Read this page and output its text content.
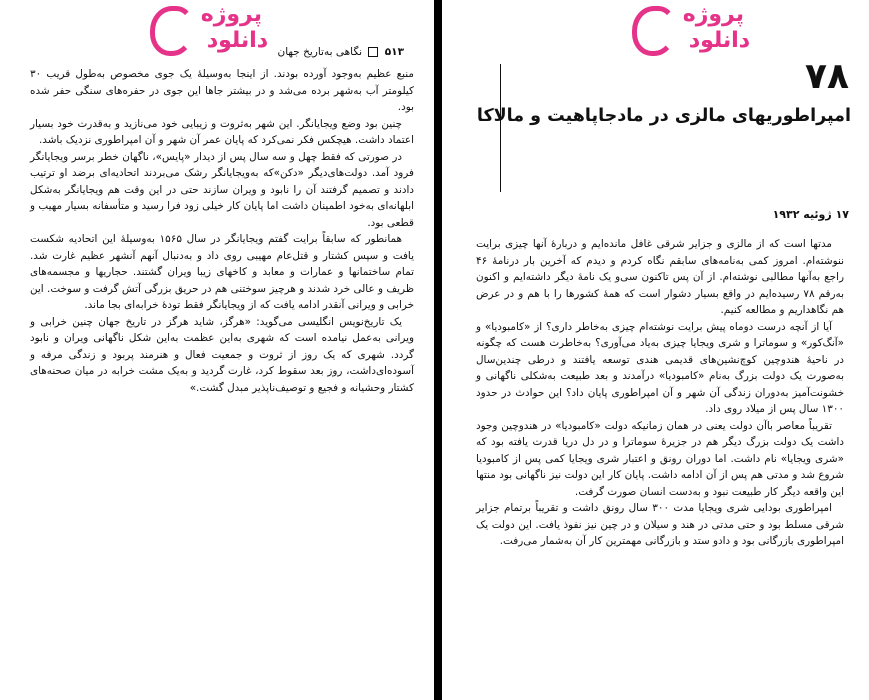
پروژه
دانلود	۵۱۳  نگاهی به‌تاریخ جهان

منبع عظیم به‌وجود آورده بودند. از اینجا به‌وسیلهٔ یک جوی مخصوص به‌طول قریب ۳۰ کیلومتر آب به‌شهر برده می‌شد و در بیشتر جاها این جوی در حفره‌های سنگی حفر شده بود.

چنین بود وضع ویجایانگر. این شهر به‌ثروت و زیبایی خود می‌نازید و به‌قدرت خود بسیار اعتماد داشت. هیچکس فکر نمی‌کرد که پایان عمر آن شهر و آن امپراطوری نزدیک باشد.

در صورتی که فقط چهل و سه سال پس از دیدار «پایس»، ناگهان خطر برسر ویجایانگر فرود آمد. دولت‌های‌دیگر «دکن»که به‌ویجایانگر رشک می‌بردند اتحادیه‌ای برضد او ترتیب دادند و تصمیم گرفتند آن را نابود و ویران سازند حتی در این وقت هم ویجایانگر به‌شکل ابلهانه‌ای به‌خود اطمینان داشت اما پایان کار خیلی زود فرا رسید و متأسفانه بسیار مهیب و قطعی بود.

همانطور که سابقاً برایت گفتم ویجایانگر در سال ۱۵۶۵ به‌وسیلهٔ این اتحادیه شکست یافت و سپس کشتار و قتل‌عام مهیبی روی داد و به‌دنبال آنهم آنشهر عظیم غارت شد. تمام ساختمانها و عمارات و معابد و کاخهای زیبا ویران گشتند. حجاریها و مجسمه‌های ظریف و عالی خرد شدند و هرچیز سوختنی هم در حریق بزرگی آتش گرفت و سوخت. این خرابی و ویرانی آنقدر ادامه یافت که از ویجایانگر فقط تودهٔ خرابه‌ای بجا ماند.

یک تاریخ‌نویس انگلیسی می‌گوید: «هرگز، شاید هرگز در تاریخ جهان چنین خرابی و ویرانی به‌عمل نیامده است که شهری به‌این عظمت به‌این شکل ناگهانی ویران و نابود گردد. شهری که یک روز از ثروت و جمعیت فعال و هنرمند پربود و زندگی مرفه و آسوده‌ای‌داشت، روز بعد سقوط کرد، غارت گردید و به‌یک مشت خرابه در میان صحنه‌های کشتار وحشیانه و فجیع و توصیف‌ناپذیر مبدل گشت.»

پروژه
دانلود
۷۸
امپراطوریهای مالزی در مادجاپاهیت و مالاکا
۱۷ ژوئیه ۱۹۳۲

مدتها است که از مالزی و جزایر شرقی غافل مانده‌ایم و دربارهٔ آنها چیزی برایت ننوشته‌ام. امروز کمی به‌نامه‌های سابقم نگاه کردم و دیدم که آخرین بار درنامهٔ ۴۶ راجع به‌آنها مطالبی نوشته‌ام. از آن پس تاکنون سی‌و یک نامهٔ دیگر داشته‌ایم و اکنون به‌رقم ۷۸ رسیده‌ایم در واقع بسیار دشوار است که همهٔ کشورها را با هم و در عرض هم نگاهداریم و مطالعه کنیم.

آیا از آنچه درست دوماه پیش برایت نوشته‌ام چیزی به‌خاطر داری؟ از «کامبودیا» و «آنگ‌کور» و سوماترا و شری ویجایا چیزی به‌یاد می‌آوری؟ به‌خاطرت هست که چگونه در ناحیهٔ هندوچین کوچ‌نشین‌های قدیمی هندی توسعه یافتند و درطی چندین‌سال به‌صورت یک دولت بزرگ به‌نام «کامبودیا» درآمدند و بعد طبیعت به‌شکلی ناگهانی و خشونت‌آمیز به‌دوران زندگی آن شهر و آن امپراطوری پایان داد؟ این حوادث در حدود ۱۳۰۰ سال پس از میلاد روی داد.

تقریباً معاصر باآن دولت یعنی در همان زمانیکه دولت «کامبودیا» در هندوچین وجود داشت یک دولت بزرگ دیگر هم در جزیرهٔ سوماترا و در دل دریا قدرت یافته بود که «شری ویجایا» نام داشت. اما دوران رونق و اعتبار شری ویجایا کمی پس از کامبودیا شروع شد و مدتی هم پس از آن ادامه داشت. پایان کار این دولت نیز ناگهانی بود منتها این واقعه دیگر کار طبیعت نبود و به‌دست انسان صورت گرفت.

امپراطوری بودایی شری ویجایا مدت ۳۰۰ سال رونق داشت و تقریباً برتمام جزایر شرقی مسلط بود و حتی مدتی در هند و سیلان و در چین نیز نفوذ یافت. این دولت یک امپراطوری بازرگانی بود و دادو ستد و بازرگانی مهمترین کار آن به‌شمار می‌رفت.
